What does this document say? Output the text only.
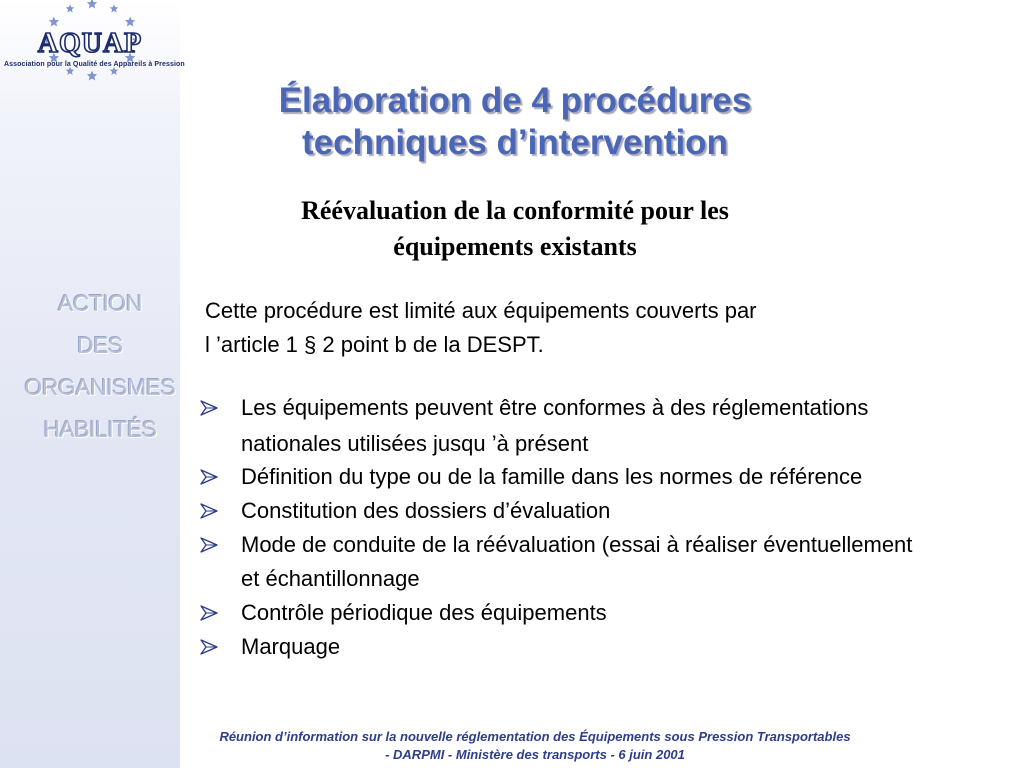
AQUAP
Association pour la Qualité des Appareils à Pression
ACTION
DES
ORGANISMES
HABILITÉS
Élaboration de 4 procédures
techniques d’intervention
Réévaluation de la conformité pour les
équipements existants
Cette procédure est limité aux équipements couverts par
l ’article 1 § 2 point b de la DESPT.
Les équipements peuvent être conformes à des réglementations nationales utilisées jusqu ’à présent
Définition du type ou de la famille dans les normes de référence
Constitution des dossiers d’évaluation
Mode de conduite de la réévaluation (essai à réaliser éventuellement et échantillonnage
Contrôle périodique des équipements
Marquage
Réunion d’information sur la nouvelle réglementation des Équipements sous Pression Transportables
- DARPMI - Ministère des transports - 6 juin 2001
